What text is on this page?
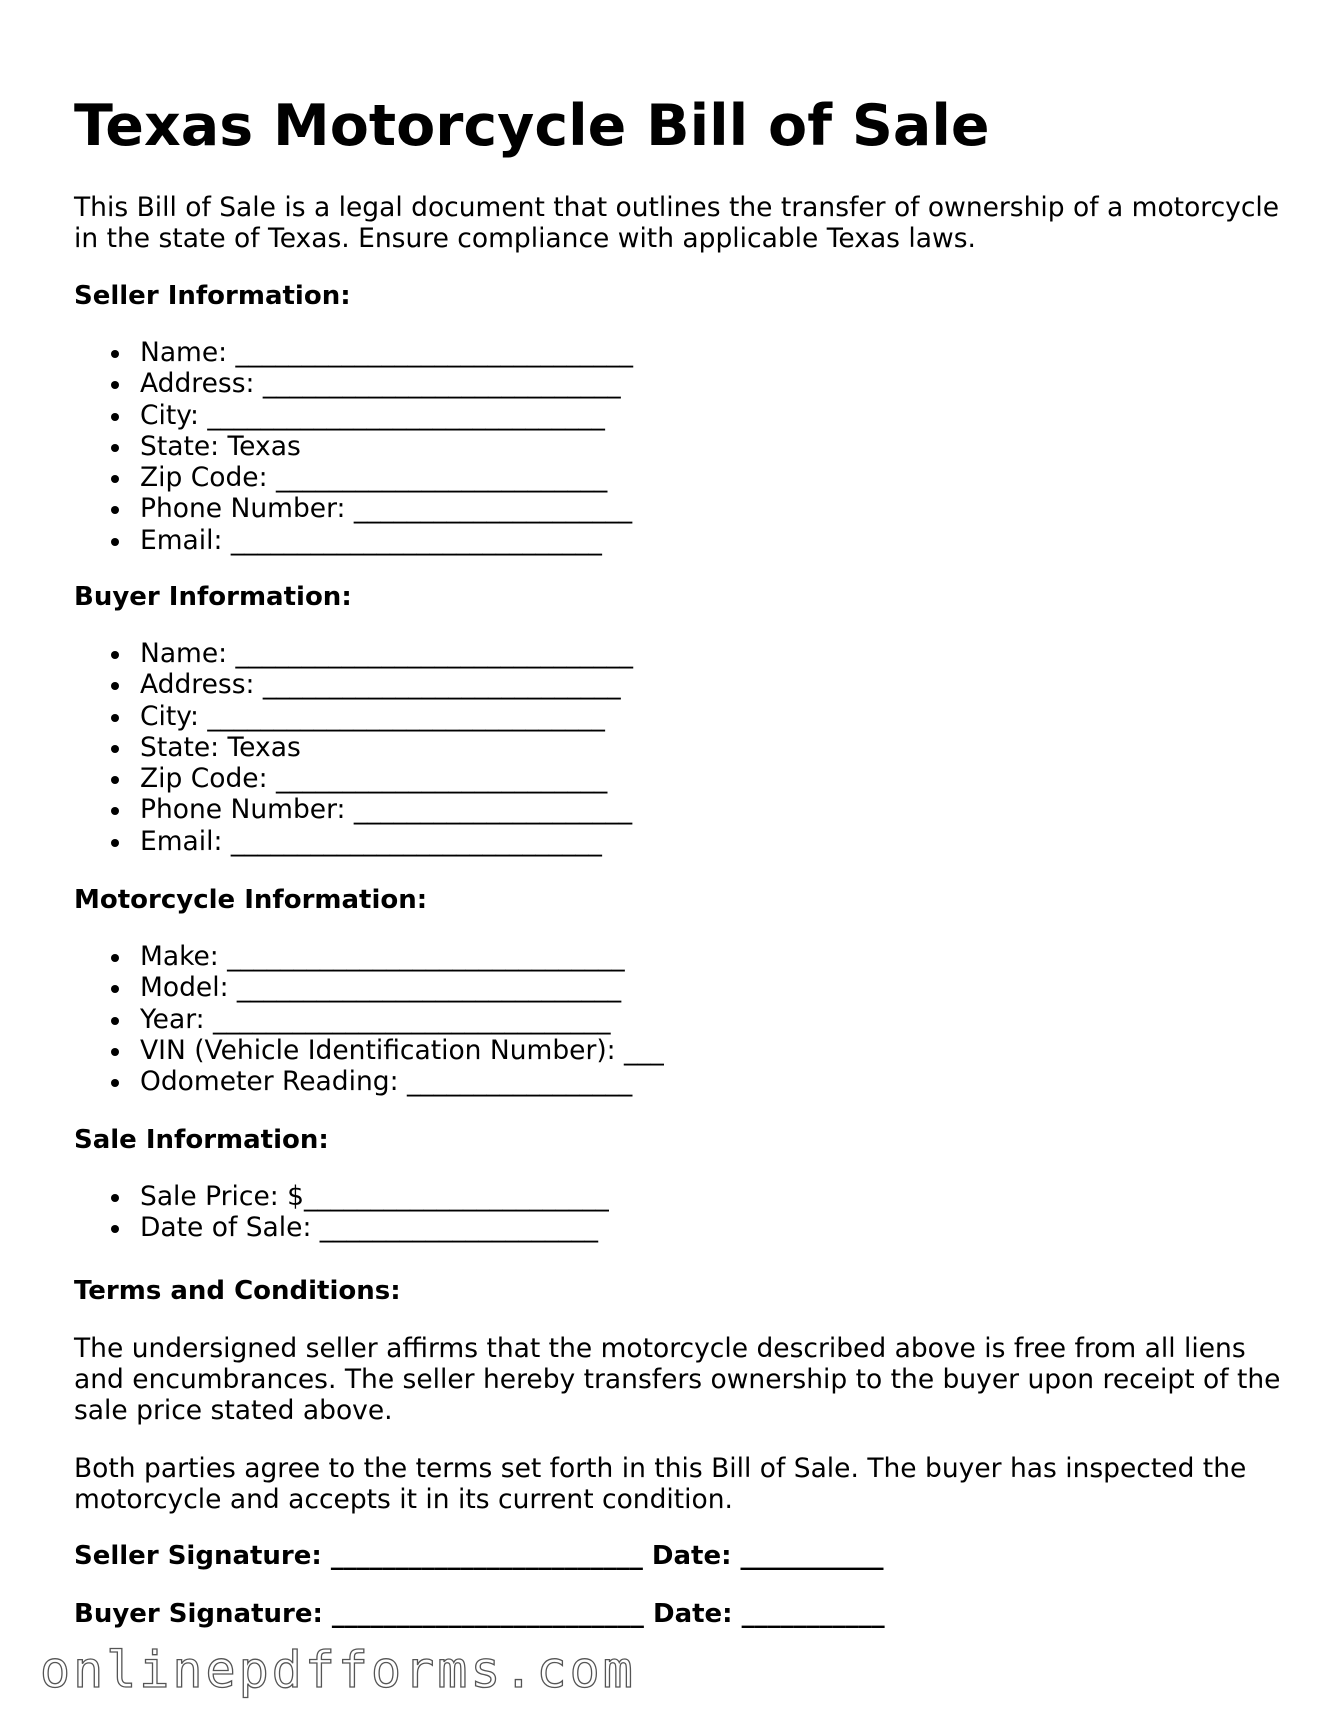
Texas Motorcycle Bill of Sale

This Bill of Sale is a legal document that outlines the transfer of ownership of a motorcycle in the state of Texas. Ensure compliance with applicable Texas laws.

Seller Information:

Name: ______________________________
Address: ___________________________
City: ______________________________
State: Texas
Zip Code: _________________________
Phone Number: _____________________
Email: ____________________________

Buyer Information:

Name: ______________________________
Address: ___________________________
City: ______________________________
State: Texas
Zip Code: _________________________
Phone Number: _____________________
Email: ____________________________

Motorcycle Information:

Make: ______________________________
Model: _____________________________
Year: ______________________________
VIN (Vehicle Identification Number): ___
Odometer Reading: _________________

Sale Information:

Sale Price: $_______________________
Date of Sale: _____________________

Terms and Conditions:

The undersigned seller affirms that the motorcycle described above is free from all liens and encumbrances. The seller hereby transfers ownership to the buyer upon receipt of the sale price stated above.

Both parties agree to the terms set forth in this Bill of Sale. The buyer has inspected the motorcycle and accepts it in its current condition.

Seller Signature: ________________________ Date: ___________

Buyer Signature: ________________________ Date: ___________

onlinepdfforms.com
